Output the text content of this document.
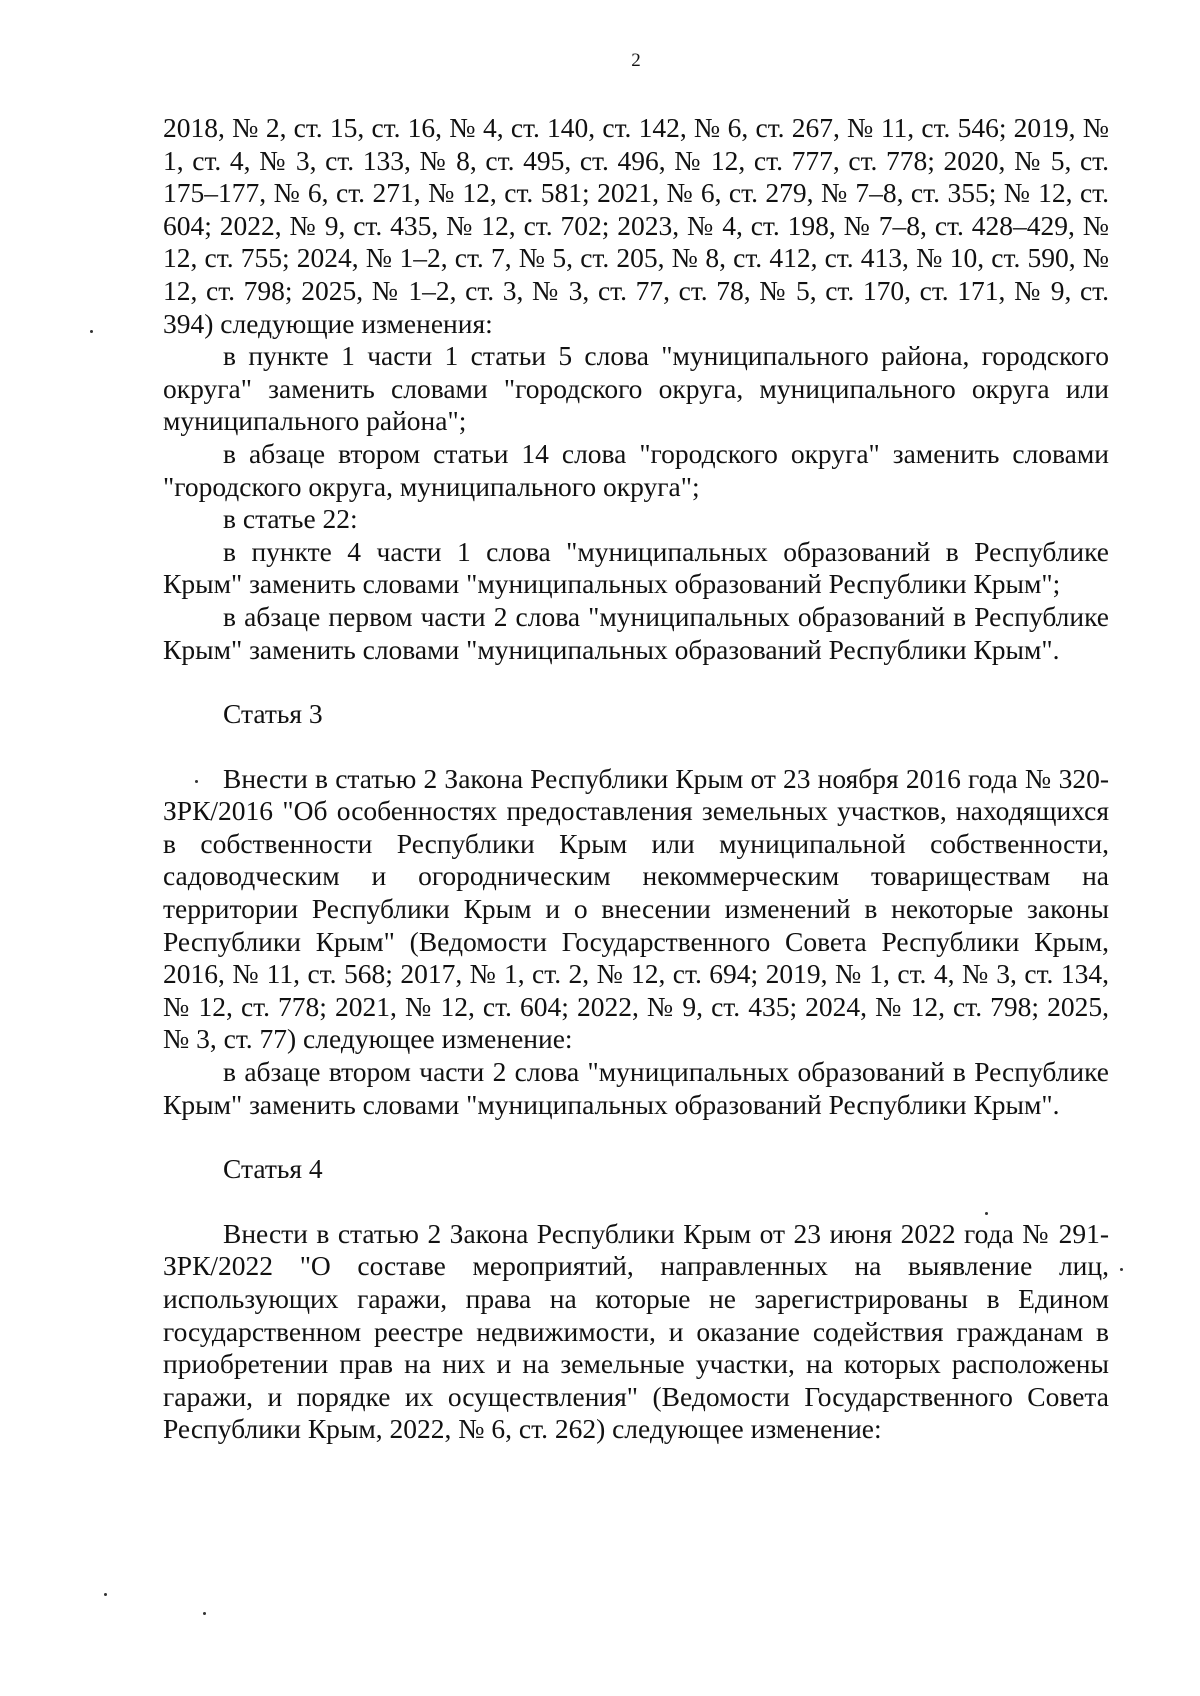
2

2018, № 2, ст. 15, ст. 16, № 4, ст. 140, ст. 142, № 6, ст. 267, № 11, ст. 546; 2019, № 1, ст. 4, № 3, ст. 133, № 8, ст. 495, ст. 496, № 12, ст. 777, ст. 778; 2020, № 5, ст. 175–177, № 6, ст. 271, № 12, ст. 581; 2021, № 6, ст. 279, № 7–8, ст. 355; № 12, ст. 604; 2022, № 9, ст. 435, № 12, ст. 702; 2023, № 4, ст. 198, № 7–8, ст. 428–429, № 12, ст. 755; 2024, № 1–2, ст. 7, № 5, ст. 205, № 8, ст. 412, ст. 413, № 10, ст. 590, № 12, ст. 798; 2025, № 1–2, ст. 3, № 3, ст. 77, ст. 78, № 5, ст. 170, ст. 171, № 9, ст. 394) следующие изменения:

в пункте 1 части 1 статьи 5 слова "муниципального района, городского округа" заменить словами "городского округа, муниципального округа или муниципального района";

в абзаце втором статьи 14 слова "городского округа" заменить словами "городского округа, муниципального округа";

в статье 22:

в пункте 4 части 1 слова "муниципальных образований в Республике Крым" заменить словами "муниципальных образований Республики Крым";

в абзаце первом части 2 слова "муниципальных образований в Республике Крым" заменить словами "муниципальных образований Республики Крым".

Статья 3

Внести в статью 2 Закона Республики Крым от 23 ноября 2016 года № 320-ЗРК/2016 "Об особенностях предоставления земельных участков, находящихся в собственности Республики Крым или муниципальной собственности, садоводческим и огородническим некоммерческим товариществам на территории Республики Крым и о внесении изменений в некоторые законы Республики Крым" (Ведомости Государственного Совета Республики Крым, 2016, № 11, ст. 568; 2017, № 1, ст. 2, № 12, ст. 694; 2019, № 1, ст. 4, № 3, ст. 134, № 12, ст. 778; 2021, № 12, ст. 604; 2022, № 9, ст. 435; 2024, № 12, ст. 798; 2025, № 3, ст. 77) следующее изменение:

в абзаце втором части 2 слова "муниципальных образований в Республике Крым" заменить словами "муниципальных образований Республики Крым".

Статья 4

Внести в статью 2 Закона Республики Крым от 23 июня 2022 года № 291-ЗРК/2022 "О составе мероприятий, направленных на выявление лиц, использующих гаражи, права на которые не зарегистрированы в Едином государственном реестре недвижимости, и оказание содействия гражданам в приобретении прав на них и на земельные участки, на которых расположены гаражи, и порядке их осуществления" (Ведомости Государственного Совета Республики Крым, 2022, № 6, ст. 262) следующее изменение:
